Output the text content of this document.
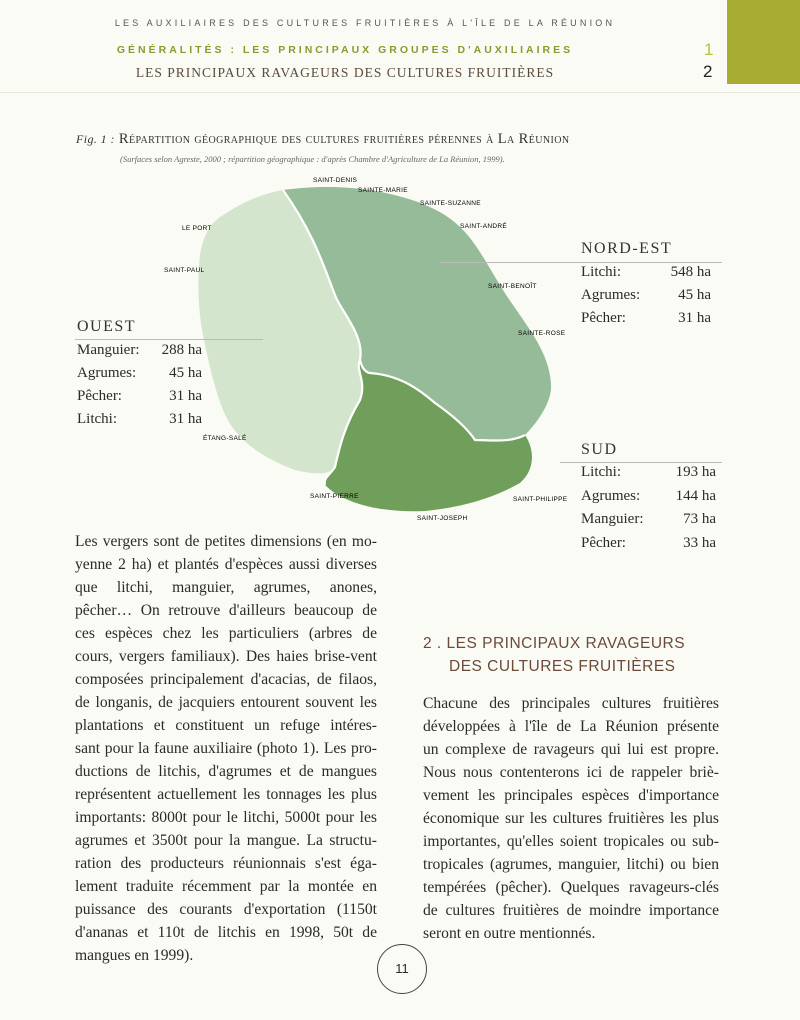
LES AUXILIAIRES DES CULTURES FRUITIÈRES À L'ÎLE DE LA RÉUNION
GÉNÉRALITÉS : LES PRINCIPAUX GROUPES D'AUXILIAIRES
LES PRINCIPAUX RAVAGEURS DES CULTURES FRUITIÈRES
1
2
Fig. 1 : Répartition géographique des cultures fruitières pérennes à La Réunion
(Surfaces selon Agreste, 2000 ; répartition géographique : d'après Chambre d'Agriculture de La Réunion, 1999).
SAINT-DENIS
SAINTE-MARIE
SAINTE-SUZANNE
SAINT-ANDRÉ
LE PORT
SAINT-PAUL
SAINT-BENOÎT
SAINTE-ROSE
ÉTANG-SALÉ
SAINT-PIERRE
SAINT-JOSEPH
SAINT-PHILIPPE
NORD-EST
Litchi:	548 ha
Agrumes:	45 ha
Pêcher:	31 ha
OUEST
Manguier: 288 ha
Agrumes: 45 ha
Pêcher:	31 ha
Litchi:	31 ha
SUD
Litchi:	193 ha
Agrumes: 144 ha
Manguier:	73 ha
Pêcher:	33 ha
Les vergers sont de petites dimensions (en mo-
yenne 2 ha) et plantés d'espèces aussi diverses
que litchi, manguier, agrumes, anones,
pêcher… On retrouve d'ailleurs beaucoup de
ces espèces chez les particuliers (arbres de
cours, vergers familiaux). Des haies brise-vent
composées principalement d'acacias, de filaos,
de longanis, de jacquiers entourent souvent les
plantations et constituent un refuge intéres-
sant pour la faune auxiliaire (photo 1). Les pro-
ductions de litchis, d'agrumes et de mangues
représentent actuellement les tonnages les plus
importants: 8000t pour le litchi, 5000t pour les
agrumes et 3500t pour la mangue. La structu-
ration des producteurs réunionnais s'est éga-
lement traduite récemment par la montée en
puissance des courants d'exportation (1150t
d'ananas et 110t de litchis en 1998, 50t de
mangues en 1999).
2 . LES PRINCIPAUX RAVAGEURS
DES CULTURES FRUITIÈRES
Chacune des principales cultures fruitières
développées à l'île de La Réunion présente
un complexe de ravageurs qui lui est propre.
Nous nous contenterons ici de rappeler briè-
vement les principales espèces d'importance
économique sur les cultures fruitières les plus
importantes, qu'elles soient tropicales ou sub-
tropicales (agrumes, manguier, litchi) ou bien
tempérées (pêcher). Quelques ravageurs-clés
de cultures fruitières de moindre importance
seront en outre mentionnés.
11
